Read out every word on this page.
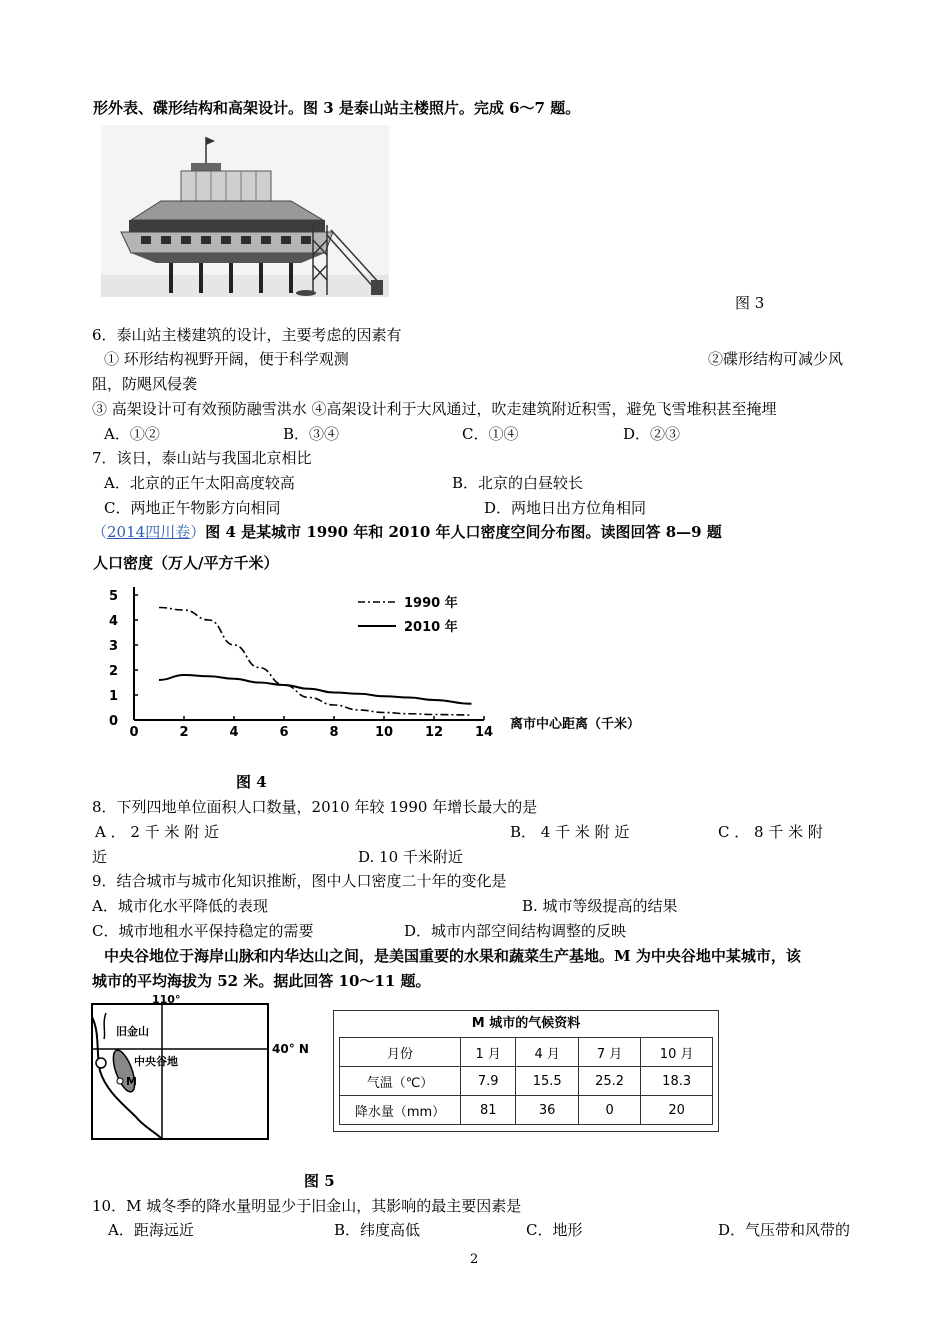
形外表、碟形结构和高架设计。图 3 是泰山站主楼照片。完成 6～7 题。
图 3
6．泰山站主楼建筑的设计，主要考虑的因素有
① 环形结构视野开阔，便于科学观测	②碟形结构可减少风
阻，防飓风侵袭
③ 高架设计可有效预防融雪洪水 ④高架设计利于大风通过，吹走建筑附近积雪，避免飞雪堆积甚至掩埋
A．①②	B．③④	C．①④	D．②③
7．该日，泰山站与我国北京相比
A．北京的正午太阳高度较高	B．北京的白昼较长
C．两地正午物影方向相同	D．两地日出方位角相同
（2014四川卷）图 4 是某城市 1990 年和 2010 年人口密度空间分布图。读图回答 8—9 题
人口密度（万人/平方千米）
0	2	4	6	8	10 12 14
0
1
2
3
4
5	1990 年
2010 年
离市中心距离（千米）
图 4
8．下列四地单位面积人口数量，2010 年较 1990 年增长最大的是
A ． 2 千 米 附 近	B． 4 千 米 附 近	C ． 8 千 米 附
近	D. 10 千米附近
9．结合城市与城市化知识推断，图中人口密度二十年的变化是
A．城市化水平降低的表现	B. 城市等级提高的结果
C．城市地租水平保持稳定的需要	D．城市内部空间结构调整的反映
中央谷地位于海岸山脉和内华达山之间，是美国重要的水果和蔬菜生产基地。M 为中央谷地中某城市，该
城市的平均海拔为 52 米。据此回答 10～11 题。
110°
40° N
旧金山
中央谷地
M
M 城市的气候资料
月份	1 月	4 月	7 月	10 月
气温（℃）	7.9	15.5	25.2	18.3
降水量（mm）	81	36	0	20
图 5
10．M 城冬季的降水量明显少于旧金山，其影响的最主要因素是
A．距海远近	B．纬度高低	C．地形	D．气压带和风带的
2
